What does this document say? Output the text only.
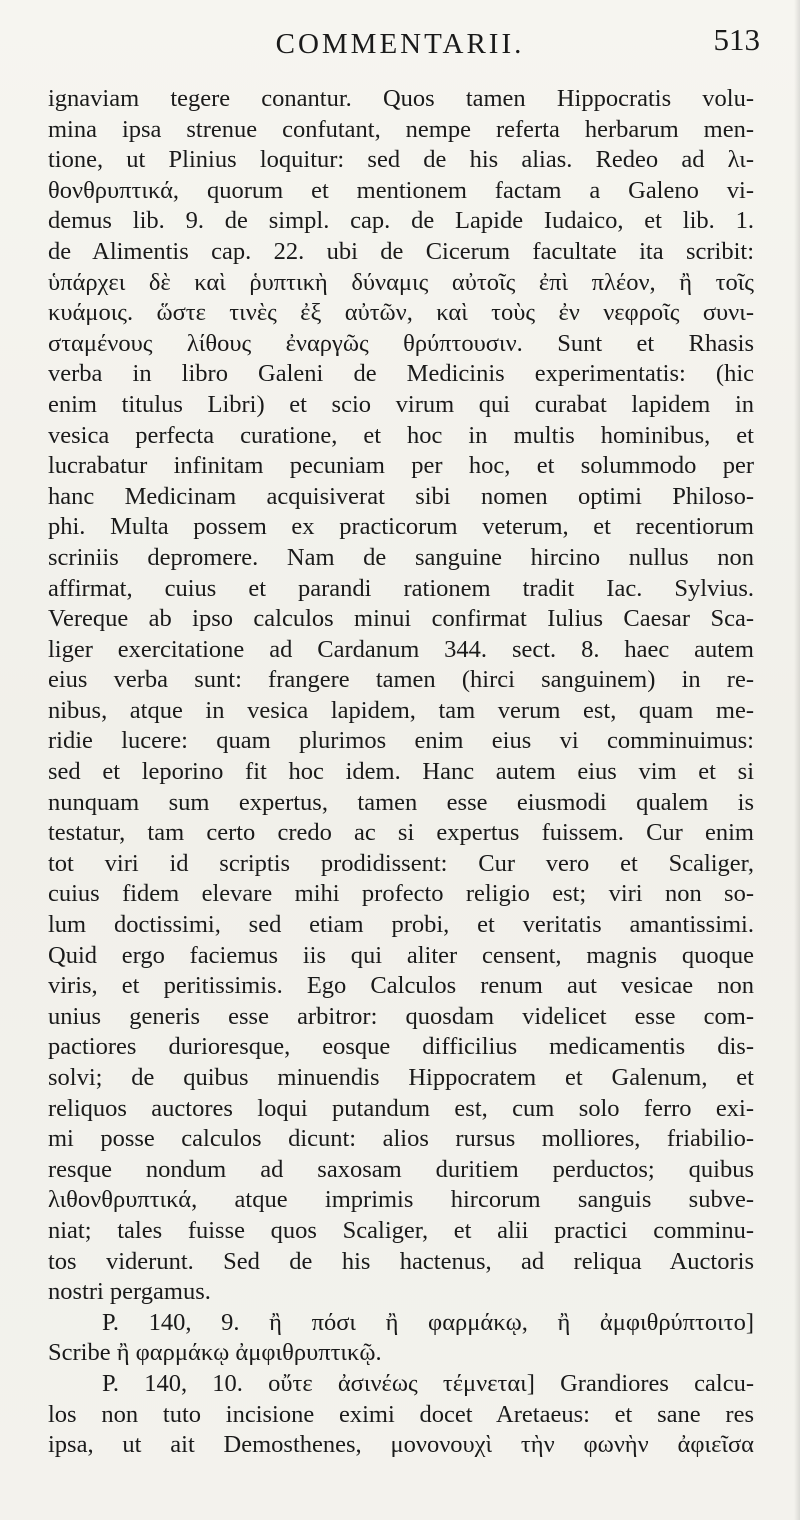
COMMENTARII.	513
ignaviam tegere conantur. Quos tamen Hippocratis volu-
mina ipsa strenue confutant, nempe referta herbarum men-
tione, ut Plinius loquitur: sed de his alias. Redeo ad λι-
θονθρυπτικά, quorum et mentionem factam a Galeno vi-
demus lib. 9. de simpl. cap. de Lapide Iudaico, et lib. 1.
de Alimentis cap. 22. ubi de Cicerum facultate ita scribit:
ὑπάρχει δὲ καὶ ῥυπτικὴ δύναμις αὐτοῖς ἐπὶ πλέον, ἢ τοῖς
κυάμοις. ὥστε τινὲς ἐξ αὐτῶν, καὶ τοὺς ἐν νεφροῖς συνι-
σταμένους λίθους ἐναργῶς θρύπτουσιν. Sunt et Rhasis
verba in libro Galeni de Medicinis experimentatis: (hic
enim titulus Libri) et scio virum qui curabat lapidem in
vesica perfecta curatione, et hoc in multis hominibus, et
lucrabatur infinitam pecuniam per hoc, et solummodo per
hanc Medicinam acquisiverat sibi nomen optimi Philoso-
phi. Multa possem ex practicorum veterum, et recentiorum
scriniis depromere. Nam de sanguine hircino nullus non
affirmat, cuius et parandi rationem tradit Iac. Sylvius.
Vereque ab ipso calculos minui confirmat Iulius Caesar Sca-
liger exercitatione ad Cardanum 344. sect. 8. haec autem
eius verba sunt: frangere tamen (hirci sanguinem) in re-
nibus, atque in vesica lapidem, tam verum est, quam me-
ridie lucere: quam plurimos enim eius vi comminuimus:
sed et leporino fit hoc idem. Hanc autem eius vim et si
nunquam sum expertus, tamen esse eiusmodi qualem is
testatur, tam certo credo ac si expertus fuissem. Cur enim
tot viri id scriptis prodidissent: Cur vero et Scaliger,
cuius fidem elevare mihi profecto religio est; viri non so-
lum doctissimi, sed etiam probi, et veritatis amantissimi.
Quid ergo faciemus iis qui aliter censent, magnis quoque
viris, et peritissimis. Ego Calculos renum aut vesicae non
unius generis esse arbitror: quosdam videlicet esse com-
pactiores durioresque, eosque difficilius medicamentis dis-
solvi; de quibus minuendis Hippocratem et Galenum, et
reliquos auctores loqui putandum est, cum solo ferro exi-
mi posse calculos dicunt: alios rursus molliores, friabilio-
resque nondum ad saxosam duritiem perductos; quibus
λιθονθρυπτικά, atque imprimis hircorum sanguis subve-
niat; tales fuisse quos Scaliger, et alii practici comminu-
tos viderunt. Sed de his hactenus, ad reliqua Auctoris
nostri pergamus.
P. 140, 9. ἢ πόσι ἢ φαρμάκῳ, ἢ ἀμφιθρύπτοιτο]
Scribe ἢ φαρμάκῳ ἀμφιθρυπτικῷ.
P. 140, 10. οὔτε ἀσινέως τέμνεται] Grandiores calcu-
los non tuto incisione eximi docet Aretaeus: et sane res
ipsa, ut ait Demosthenes, μονονουχὶ τὴν φωνὴν ἀφιεῖσα
